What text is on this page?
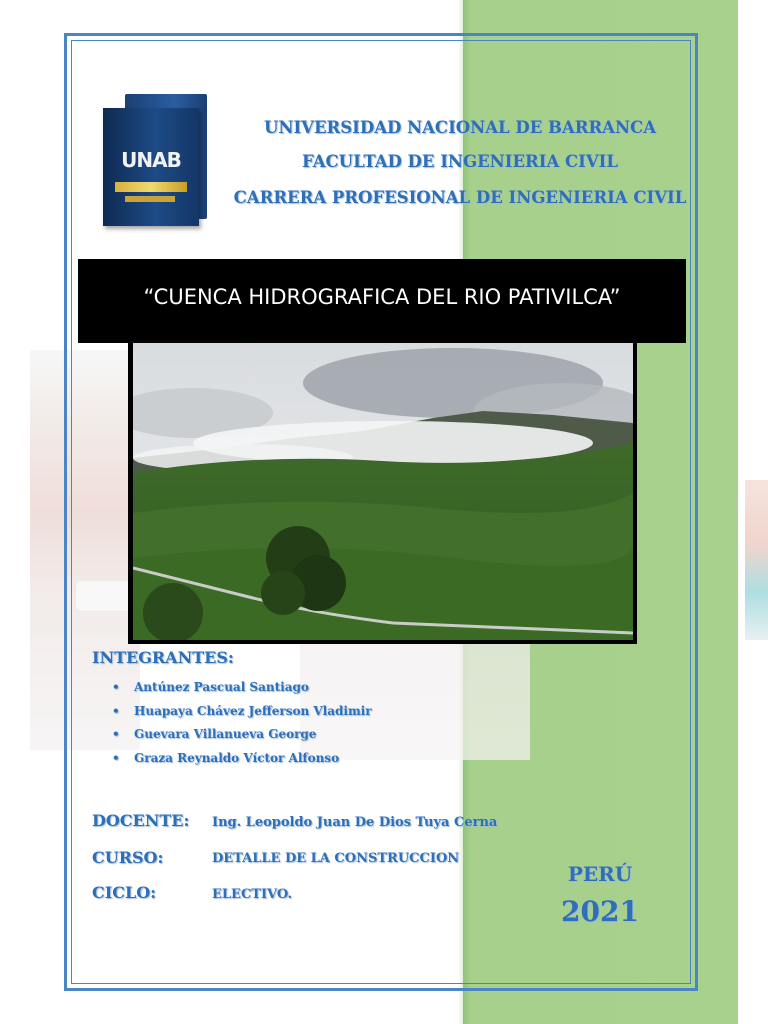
UNAB
UNIVERSIDAD NACIONAL DE BARRANCA
FACULTAD DE INGENIERIA CIVIL
CARRERA PROFESIONAL DE INGENIERIA CIVIL
“CUENCA HIDROGRAFICA DEL RIO PATIVILCA”
INTEGRANTES:
• Antúnez Pascual Santiago
• Huapaya Chávez Jefferson Vladimir
• Guevara Villanueva George
• Graza Reynaldo Víctor Alfonso
DOCENTE: Ing. Leopoldo Juan De Dios Tuya Cerna
CURSO:	DETALLE DE LA CONSTRUCCION
CICLO:	ELECTIVO.
PERÚ
2021
